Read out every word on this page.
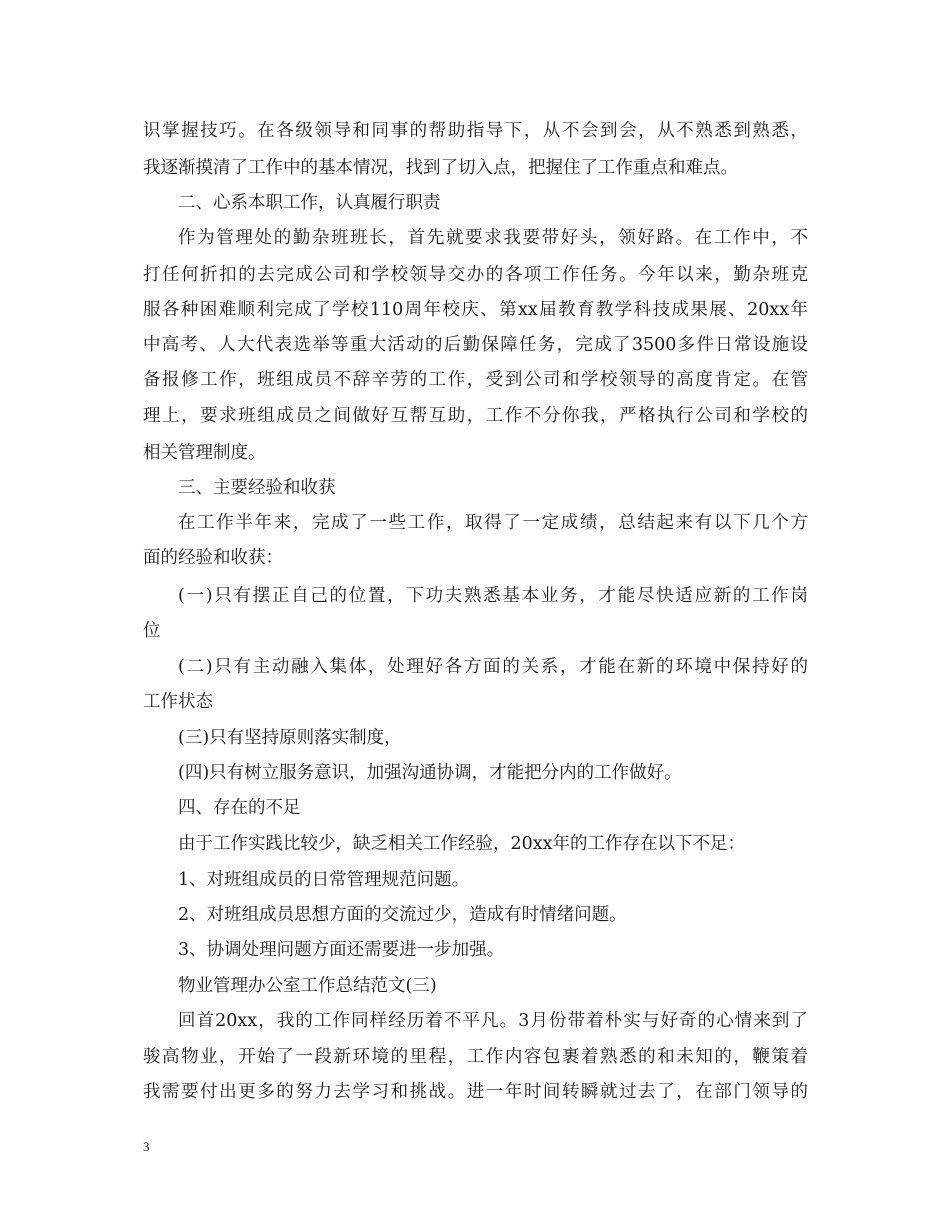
识掌握技巧。在各级领导和同事的帮助指导下，从不会到会，从不熟悉到熟悉，
我逐渐摸清了工作中的基本情况，找到了切入点，把握住了工作重点和难点。
二、心系本职工作，认真履行职责
作为管理处的勤杂班班长，首先就要求我要带好头，领好路。在工作中，不
打任何折扣的去完成公司和学校领导交办的各项工作任务。今年以来，勤杂班克
服各种困难顺利完成了学校110周年校庆、第xx届教育教学科技成果展、20xx年
中高考、人大代表选举等重大活动的后勤保障任务，完成了3500多件日常设施设
备报修工作，班组成员不辞辛劳的工作，受到公司和学校领导的高度肯定。在管
理上，要求班组成员之间做好互帮互助，工作不分你我，严格执行公司和学校的
相关管理制度。
三、主要经验和收获
在工作半年来，完成了一些工作，取得了一定成绩，总结起来有以下几个方
面的经验和收获：
(一)只有摆正自己的位置，下功夫熟悉基本业务，才能尽快适应新的工作岗
位
(二)只有主动融入集体，处理好各方面的关系，才能在新的环境中保持好的
工作状态
(三)只有坚持原则落实制度，
(四)只有树立服务意识，加强沟通协调，才能把分内的工作做好。
四、存在的不足
由于工作实践比较少，缺乏相关工作经验，20xx年的工作存在以下不足：
1、对班组成员的日常管理规范问题。
2、对班组成员思想方面的交流过少，造成有时情绪问题。
3、协调处理问题方面还需要进一步加强。
物业管理办公室工作总结范文(三)
回首20xx，我的工作同样经历着不平凡。3月份带着朴实与好奇的心情来到了
骏高物业，开始了一段新环境的里程，工作内容包裹着熟悉的和未知的，鞭策着
我需要付出更多的努力去学习和挑战。进一年时间转瞬就过去了，在部门领导的
3
